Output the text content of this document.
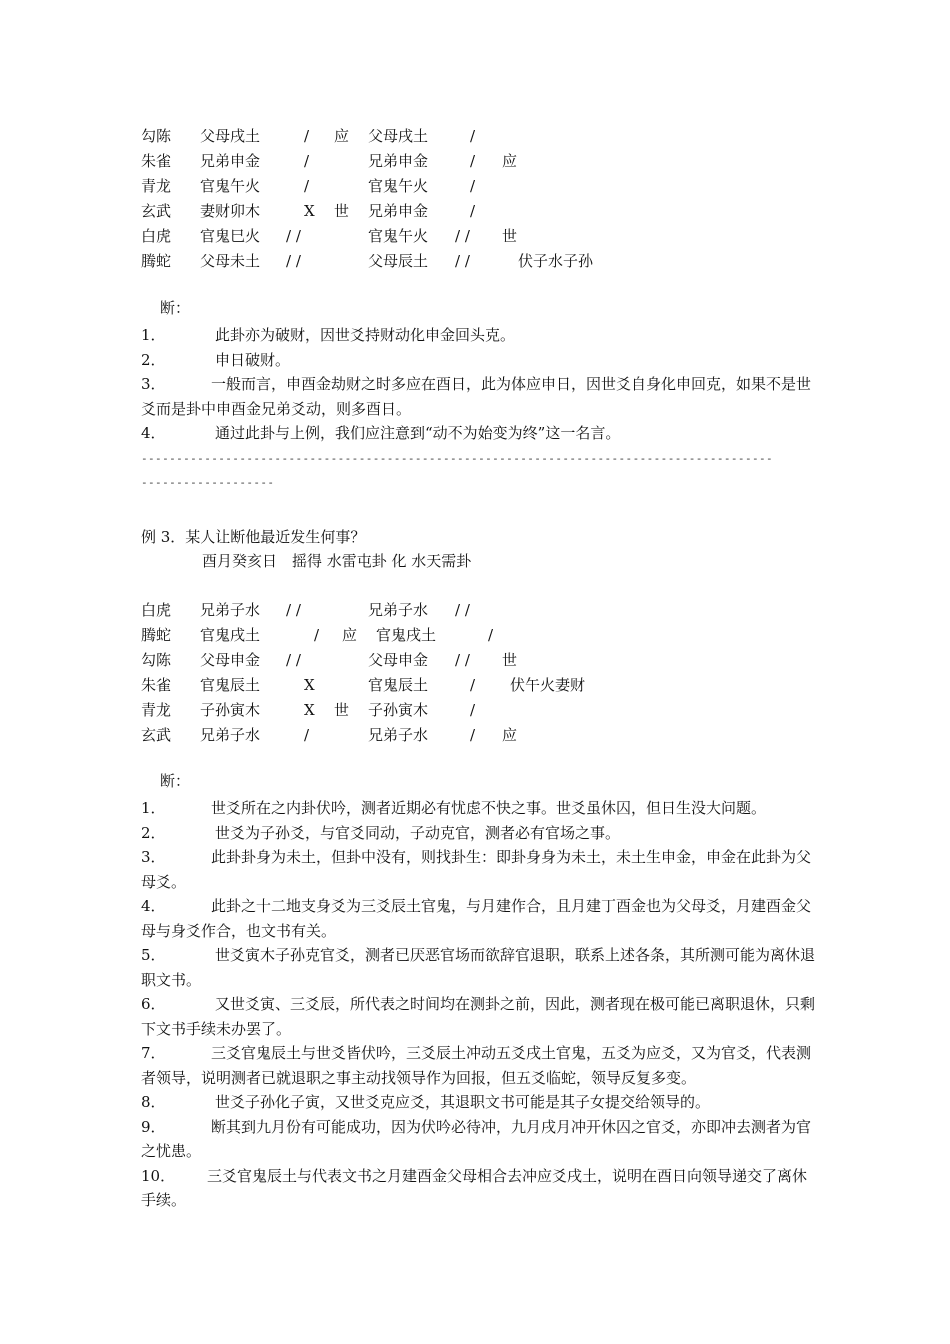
勾陈 父母戌土	/ 应 父母戌土	/
朱雀 兄弟申金	/	兄弟申金	/ 应
青龙 官鬼午火	/	官鬼午火	/
玄武 妻财卯木	X 世 兄弟申金	/
白虎 官鬼巳火 / /	官鬼午火 / / 世
腾蛇 父母未土 / /	父母辰土 / /	伏子水子孙
断：
1．	此卦亦为破财，因世爻持财动化申金回头克。
2．	申日破财。
3．	一般而言，申酉金劫财之时多应在酉日，此为体应申日，因世爻自身化申回克，如果不是世爻而是卦中申酉金兄弟爻动，则多酉日。
4．	通过此卦与上例，我们应注意到“动不为始变为终”这一名言。
------------------------------------------------------------------------------------------
-------------------
例 3．某人让断他最近发生何事？
酉月癸亥日　摇得 水雷屯卦 化 水天需卦
白虎 兄弟子水 / /	兄弟子水 / /
腾蛇 官鬼戌土	/ 应 官鬼戌土	/
勾陈 父母申金 / /	父母申金 / / 世
朱雀 官鬼辰土	X	官鬼辰土	/ 伏午火妻财
青龙 子孙寅木	X 世 子孙寅木	/
玄武 兄弟子水	/	兄弟子水	/ 应
断：
1．	世爻所在之内卦伏吟，测者近期必有忧虑不快之事。世爻虽休囚，但日生没大问题。
2．	世爻为子孙爻，与官爻同动，子动克官，测者必有官场之事。
3．	此卦卦身为未土，但卦中没有，则找卦生：即卦身身为未土，未土生申金，申金在此卦为父母爻。
4．	此卦之十二地支身爻为三爻辰土官鬼，与月建作合，且月建丁酉金也为父母爻，月建酉金父母与身爻作合，也文书有关。
5．	世爻寅木子孙克官爻，测者已厌恶官场而欲辞官退职，联系上述各条，其所测可能为离休退职文书。
6．	又世爻寅、三爻辰，所代表之时间均在测卦之前，因此，测者现在极可能已离职退休，只剩下文书手续未办罢了。
7．	三爻官鬼辰土与世爻皆伏吟，三爻辰土冲动五爻戌土官鬼，五爻为应爻，又为官爻，代表测者领导，说明测者已就退职之事主动找领导作为回报，但五爻临蛇，领导反复多变。
8．	世爻子孙化子寅，又世爻克应爻，其退职文书可能是其子女提交给领导的。
9．	断其到九月份有可能成功，因为伏吟必待冲，九月戌月冲开休囚之官爻，亦即冲去测者为官之忧患。
10． 三爻官鬼辰土与代表文书之月建酉金父母相合去冲应爻戌土，说明在酉日向领导递交了离休手续。
